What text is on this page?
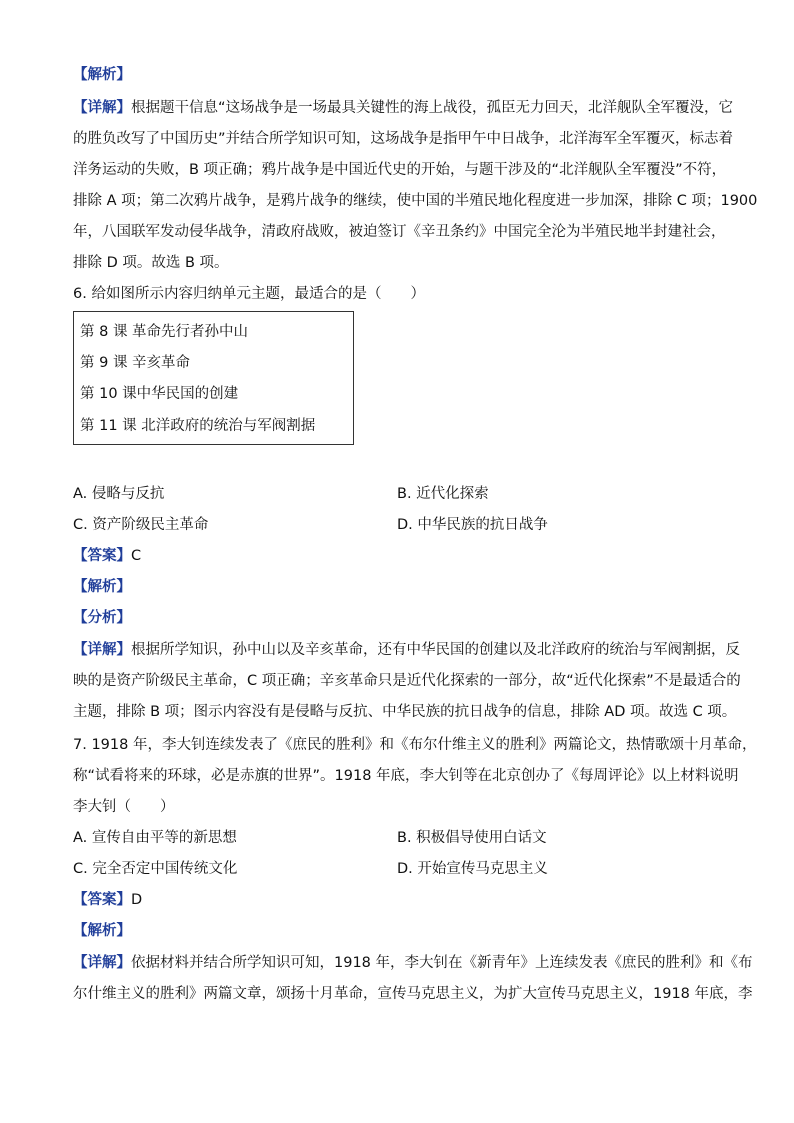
【解析】
【详解】根据题干信息“这场战争是一场最具关键性的海上战役，孤臣无力回天，北洋舰队全军覆没，它
的胜负改写了中国历史”并结合所学知识可知，这场战争是指甲午中日战争，北洋海军全军覆灭，标志着
洋务运动的失败，B 项正确；鸦片战争是中国近代史的开始，与题干涉及的“北洋舰队全军覆没”不符，
排除 A 项；第二次鸦片战争，是鸦片战争的继续，使中国的半殖民地化程度进一步加深，排除 C 项；1900
年，八国联军发动侵华战争，清政府战败，被迫签订《辛丑条约》中国完全沦为半殖民地半封建社会，
排除 D 项。故选 B 项。
6. 给如图所示内容归纳单元主题，最适合的是（　　）
第 8 课 革命先行者孙中山
第 9 课 辛亥革命
第 10 课中华民国的创建
第 11 课 北洋政府的统治与军阀割据
A. 侵略与反抗	B. 近代化探索
C. 资产阶级民主革命	D. 中华民族的抗日战争
【答案】C
【解析】
【分析】
【详解】根据所学知识，孙中山以及辛亥革命，还有中华民国的创建以及北洋政府的统治与军阀割据，反
映的是资产阶级民主革命，C 项正确；辛亥革命只是近代化探索的一部分，故“近代化探索”不是最适合的
主题，排除 B 项；图示内容没有是侵略与反抗、中华民族的抗日战争的信息，排除 AD 项。故选 C 项。
7. 1918 年，李大钊连续发表了《庶民的胜利》和《布尔什维主义的胜利》两篇论文，热情歌颂十月革命，
称“试看将来的环球，必是赤旗的世界”。1918 年底，李大钊等在北京创办了《每周评论》以上材料说明
李大钊（　　）
A. 宣传自由平等的新思想	B. 积极倡导使用白话文
C. 完全否定中国传统文化	D. 开始宣传马克思主义
【答案】D
【解析】
【详解】依据材料并结合所学知识可知，1918 年，李大钊在《新青年》上连续发表《庶民的胜利》和《布
尔什维主义的胜利》两篇文章，颂扬十月革命，宣传马克思主义，为扩大宣传马克思主义，1918 年底，李
